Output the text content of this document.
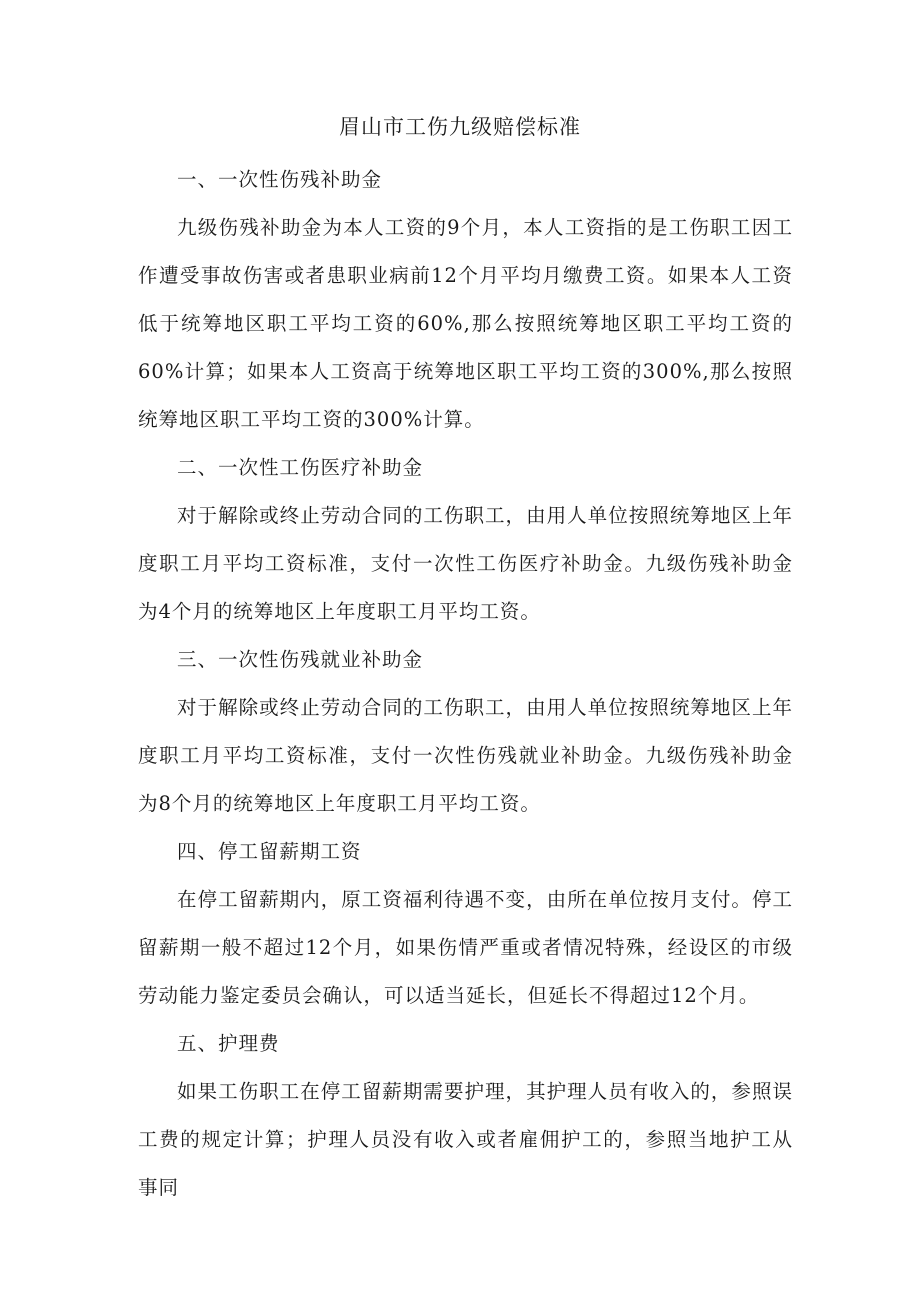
眉山市工伤九级赔偿标准

一、一次性伤残补助金

九级伤残补助金为本人工资的9个月，本人工资指的是工伤职工因工作遭受事故伤害或者患职业病前12个月平均月缴费工资。如果本人工资低于统筹地区职工平均工资的60%,那么按照统筹地区职工平均工资的60%计算；如果本人工资高于统筹地区职工平均工资的300%,那么按照统筹地区职工平均工资的300%计算。

二、一次性工伤医疗补助金

对于解除或终止劳动合同的工伤职工，由用人单位按照统筹地区上年度职工月平均工资标准，支付一次性工伤医疗补助金。九级伤残补助金为4个月的统筹地区上年度职工月平均工资。

三、一次性伤残就业补助金

对于解除或终止劳动合同的工伤职工，由用人单位按照统筹地区上年度职工月平均工资标准，支付一次性伤残就业补助金。九级伤残补助金为8个月的统筹地区上年度职工月平均工资。

四、停工留薪期工资

在停工留薪期内，原工资福利待遇不变，由所在单位按月支付。停工留薪期一般不超过12个月，如果伤情严重或者情况特殊，经设区的市级劳动能力鉴定委员会确认，可以适当延长，但延长不得超过12个月。

五、护理费

如果工伤职工在停工留薪期需要护理，其护理人员有收入的，参照误工费的规定计算；护理人员没有收入或者雇佣护工的，参照当地护工从事同
